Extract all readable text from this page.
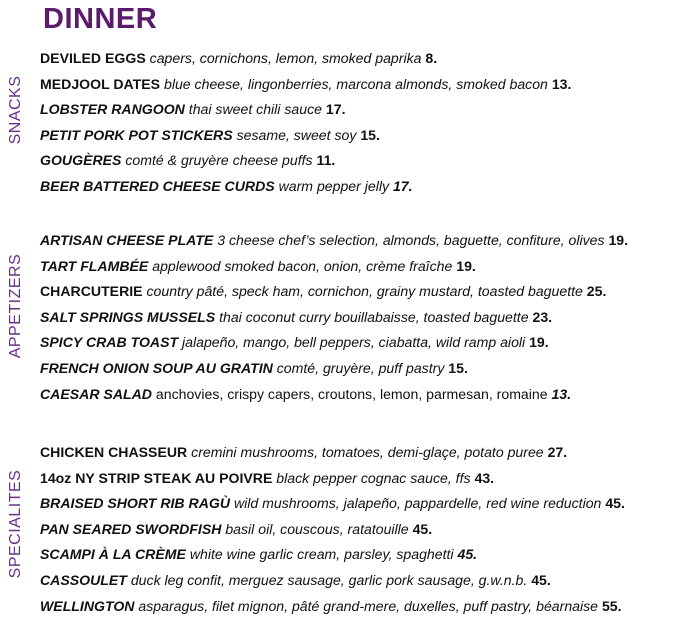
DINNER
SNACKS
DEVILED EGGS capers, cornichons, lemon, smoked paprika 8.
MEDJOOL DATES blue cheese, lingonberries, marcona almonds, smoked bacon 13.
LOBSTER RANGOON thai sweet chili sauce 17.
PETIT PORK POT STICKERS sesame, sweet soy 15.
GOUGÈRES comté & gruyère cheese puffs 11.
BEER BATTERED CHEESE CURDS warm pepper jelly 17.
APPETIZERS
ARTISAN CHEESE PLATE 3 cheese chef’s selection, almonds, baguette, confiture, olives 19.
TART FLAMBÉE applewood smoked bacon, onion, crème fraîche 19.
CHARCUTERIE country pâté, speck ham, cornichon, grainy mustard, toasted baguette 25.
SALT SPRINGS MUSSELS thai coconut curry bouillabaisse, toasted baguette 23.
SPICY CRAB TOAST jalapeño, mango, bell peppers, ciabatta, wild ramp aioli 19.
FRENCH ONION SOUP AU GRATIN comté, gruyère, puff pastry 15.
CAESAR SALAD anchovies, crispy capers, croutons, lemon, parmesan, romaine 13.
SPECIALITES
CHICKEN CHASSEUR cremini mushrooms, tomatoes, demi-glaçe, potato puree 27.
14oz NY STRIP STEAK AU POIVRE black pepper cognac sauce, ffs 43.
BRAISED SHORT RIB RAGÙ wild mushrooms, jalapeño, pappardelle, red wine reduction 45.
PAN SEARED SWORDFISH basil oil, couscous, ratatouille 45.
SCAMPI À LA CRÈME white wine garlic cream, parsley, spaghetti 45.
CASSOULET duck leg confit, merguez sausage, garlic pork sausage, g.w.n.b. 45.
WELLINGTON asparagus, filet mignon, pâté grand-mere, duxelles, puff pastry, béarnaise 55.
